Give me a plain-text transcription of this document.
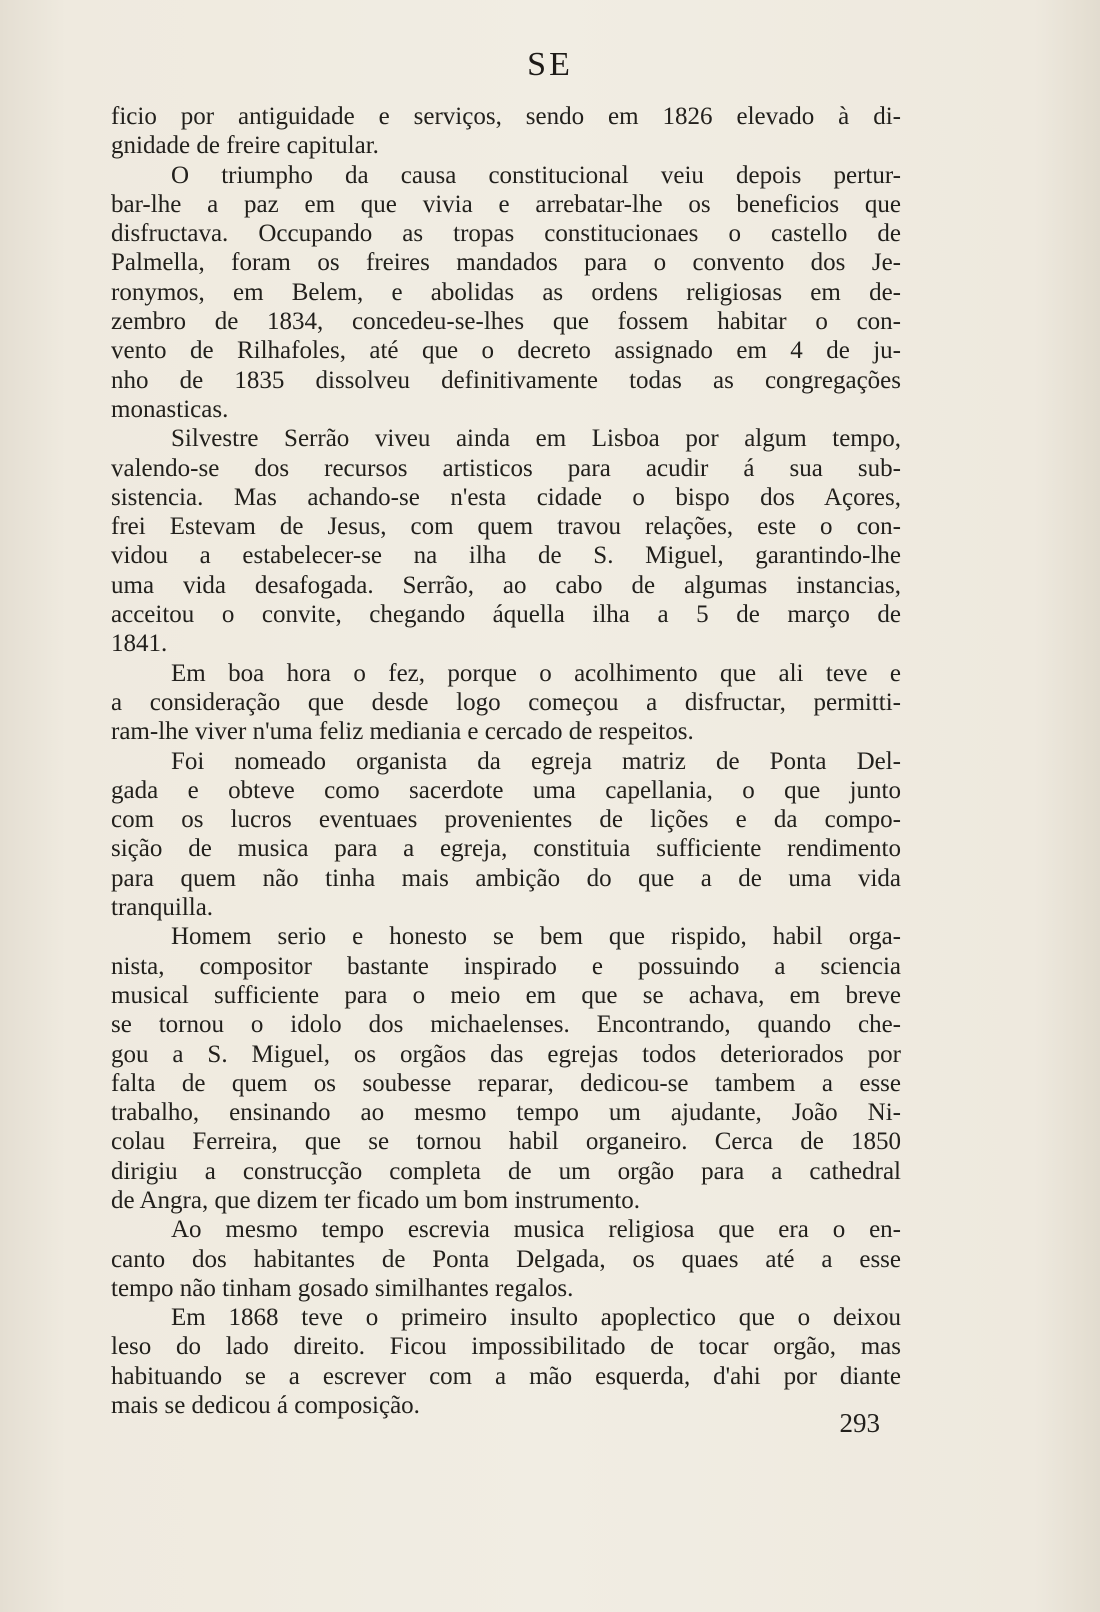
SE
ficio por antiguidade e serviços, sendo em 1826 elevado à di-
gnidade de freire capitular.
O triumpho da causa constitucional veiu depois pertur-
bar-lhe a paz em que vivia e arrebatar-lhe os beneficios que
disfructava. Occupando as tropas constitucionaes o castello de
Palmella, foram os freires mandados para o convento dos Je-
ronymos, em Belem, e abolidas as ordens religiosas em de-
zembro de 1834, concedeu-se-lhes que fossem habitar o con-
vento de Rilhafoles, até que o decreto assignado em 4 de ju-
nho de 1835 dissolveu definitivamente todas as congregações
monasticas.
Silvestre Serrão viveu ainda em Lisboa por algum tempo,
valendo-se dos recursos artisticos para acudir á sua sub-
sistencia. Mas achando-se n'esta cidade o bispo dos Açores,
frei Estevam de Jesus, com quem travou relações, este o con-
vidou a estabelecer-se na ilha de S. Miguel, garantindo-lhe
uma vida desafogada. Serrão, ao cabo de algumas instancias,
acceitou o convite, chegando áquella ilha a 5 de março de
1841.
Em boa hora o fez, porque o acolhimento que ali teve e
a consideração que desde logo começou a disfructar, permitti-
ram-lhe viver n'uma feliz mediania e cercado de respeitos.
Foi nomeado organista da egreja matriz de Ponta Del-
gada e obteve como sacerdote uma capellania, o que junto
com os lucros eventuaes provenientes de lições e da compo-
sição de musica para a egreja, constituia sufficiente rendimento
para quem não tinha mais ambição do que a de uma vida
tranquilla.
Homem serio e honesto se bem que rispido, habil orga-
nista, compositor bastante inspirado e possuindo a sciencia
musical sufficiente para o meio em que se achava, em breve
se tornou o idolo dos michaelenses. Encontrando, quando che-
gou a S. Miguel, os orgãos das egrejas todos deteriorados por
falta de quem os soubesse reparar, dedicou-se tambem a esse
trabalho, ensinando ao mesmo tempo um ajudante, João Ni-
colau Ferreira, que se tornou habil organeiro. Cerca de 1850
dirigiu a construcção completa de um orgão para a cathedral
de Angra, que dizem ter ficado um bom instrumento.
Ao mesmo tempo escrevia musica religiosa que era o en-
canto dos habitantes de Ponta Delgada, os quaes até a esse
tempo não tinham gosado similhantes regalos.
Em 1868 teve o primeiro insulto apoplectico que o deixou
leso do lado direito. Ficou impossibilitado de tocar orgão, mas
habituando se a escrever com a mão esquerda, d'ahi por diante
mais se dedicou á composição.
293
